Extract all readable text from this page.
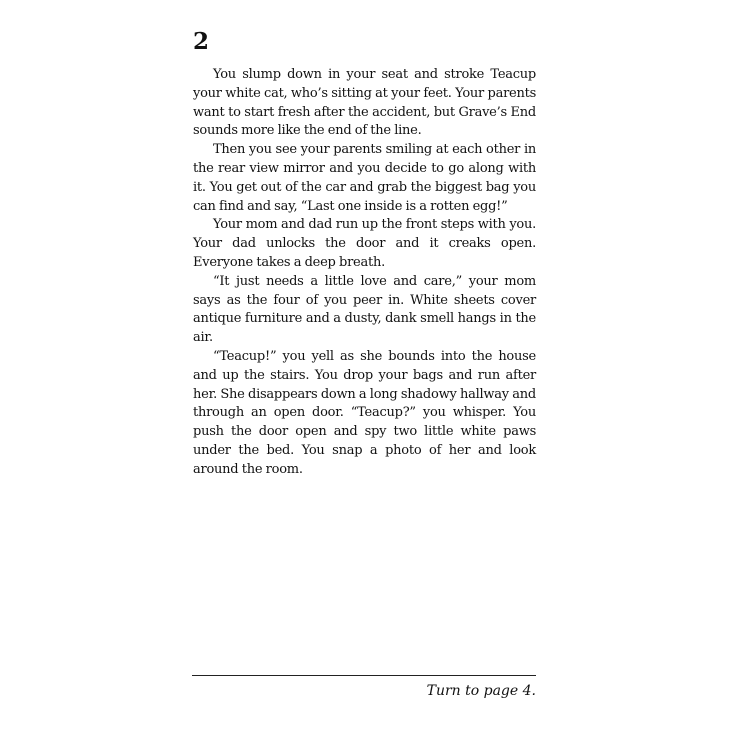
2

You slump down in your seat and stroke Teacup your white cat, who’s sitting at your feet. Your parents want to start fresh after the accident, but Grave’s End sounds more like the end of the line.

Then you see your parents smiling at each other in the rear view mirror and you decide to go along with it. You get out of the car and grab the biggest bag you can find and say, “Last one inside is a rotten egg!”

Your mom and dad run up the front steps with you. Your dad unlocks the door and it creaks open. Everyone takes a deep breath.

“It just needs a little love and care,” your mom says as the four of you peer in. White sheets cover antique furniture and a dusty, dank smell hangs in the air.

“Teacup!” you yell as she bounds into the house and up the stairs. You drop your bags and run after her. She disappears down a long shadowy hallway and through an open door. “Teacup?” you whisper. You push the door open and spy two little white paws under the bed. You snap a photo of her and look around the room.

Turn to page 4.
